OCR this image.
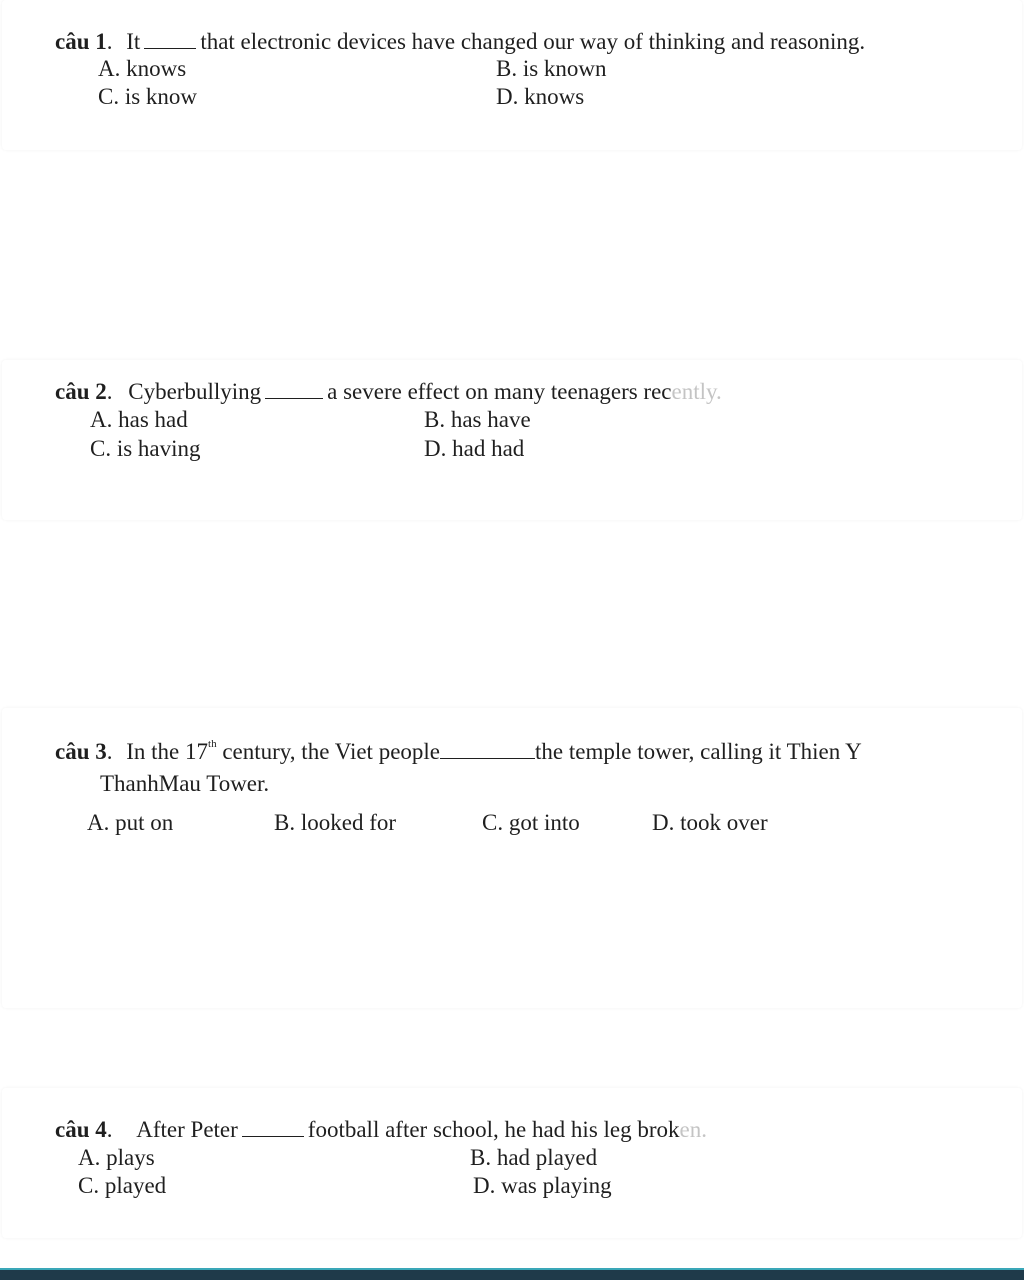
câu 1. It	that electronic devices have changed our way of thinking and reasoning.
A. knows	B. is known
C. is know	D. knows
câu 2. Cyberbullying	a severe effect on many teenagers recently.
A. has had	B. has have
C. is having	D. had had
câu 3. In the 17th century, the Viet people	the temple tower, calling it Thien Y
ThanhMau Tower.
A. put on	B. looked for	C. got into	D. took over
câu 4. After Peter	football after school, he had his leg broken.
A. plays	B. had played
C. played	D. was playing
